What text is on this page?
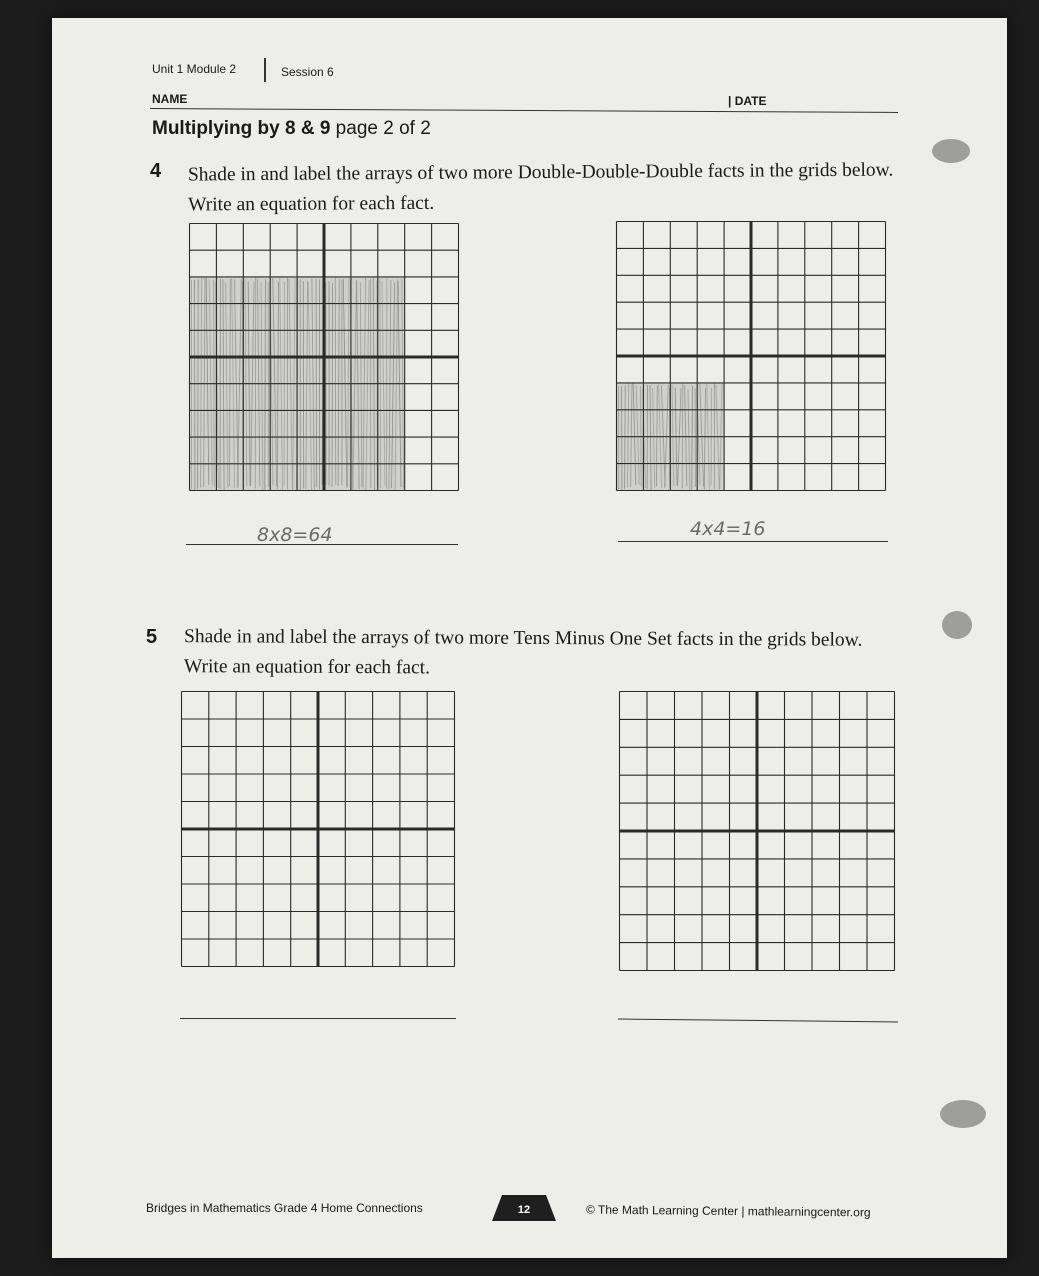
Unit 1 Module 2	Session 6
NAME	| DATE
Multiplying by 8 & 9 page 2 of 2
4 Shade in and label the arrays of two more Double-Double-Double facts in the grids below. Write an equation for each fact.
8x8=64	4x4=16
5 Shade in and label the arrays of two more Tens Minus One Set facts in the grids below. Write an equation for each fact.
Bridges in Mathematics Grade 4 Home Connections	12	© The Math Learning Center | mathlearningcenter.org
